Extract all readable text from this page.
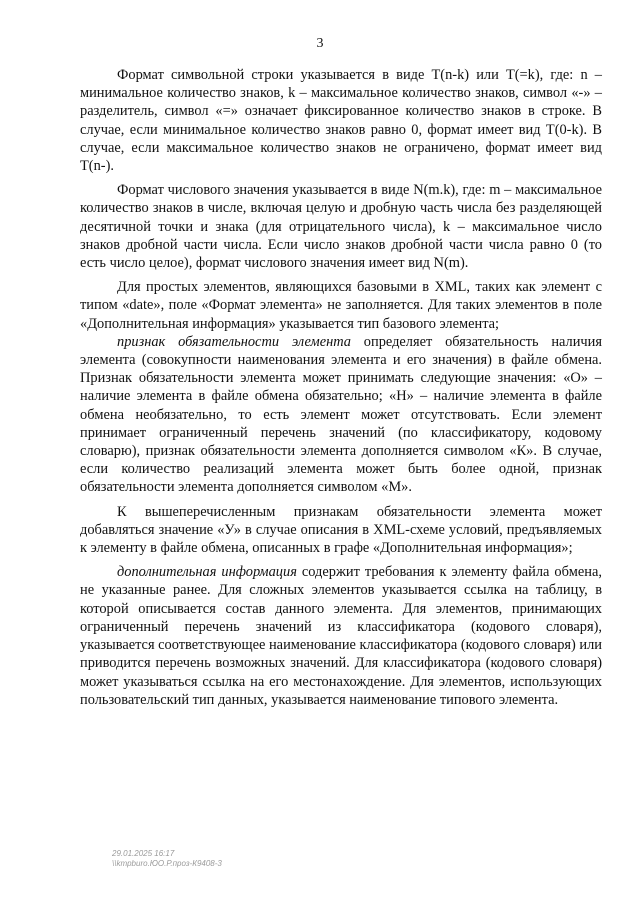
3

Формат символьной строки указывается в виде T(n-k) или T(=k), где: n – минимальное количество знаков, k – максимальное количество знаков, символ «-» – разделитель, символ «=» означает фиксированное количество знаков в строке. В случае, если минимальное количество знаков равно 0, формат имеет вид T(0-k). В случае, если максимальное количество знаков не ограничено, формат имеет вид T(n-).

Формат числового значения указывается в виде N(m.k), где: m – максимальное количество знаков в числе, включая целую и дробную часть числа без разделяющей десятичной точки и знака (для отрицательного числа), k – максимальное число знаков дробной части числа. Если число знаков дробной части числа равно 0 (то есть число целое), формат числового значения имеет вид N(m).

Для простых элементов, являющихся базовыми в XML, таких как элемент с типом «date», поле «Формат элемента» не заполняется. Для таких элементов в поле «Дополнительная информация» указывается тип базового элемента;

признак обязательности элемента определяет обязательность наличия элемента (совокупности наименования элемента и его значения) в файле обмена. Признак обязательности элемента может принимать следующие значения: «О» – наличие элемента в файле обмена обязательно; «Н» – наличие элемента в файле обмена необязательно, то есть элемент может отсутствовать. Если элемент принимает ограниченный перечень значений (по классификатору, кодовому словарю), признак обязательности элемента дополняется символом «К». В случае, если количество реализаций элемента может быть более одной, признак обязательности элемента дополняется символом «М».

К вышеперечисленным признакам обязательности элемента может добавляться значение «У» в случае описания в XML-схеме условий, предъявляемых к элементу в файле обмена, описанных в графе «Дополнительная информация»;

дополнительная информация содержит требования к элементу файла обмена, не указанные ранее. Для сложных элементов указывается ссылка на таблицу, в которой описывается состав данного элемента. Для элементов, принимающих ограниченный перечень значений из классификатора (кодового словаря), указывается соответствующее наименование классификатора (кодового словаря) или приводится перечень возможных значений. Для классификатора (кодового словаря) может указываться ссылка на его местонахождение. Для элементов, использующих пользовательский тип данных, указывается наименование типового элемента.

29.01.2025 16:17
\\kmpburo.ЮО.Р.проз-К9408-3
